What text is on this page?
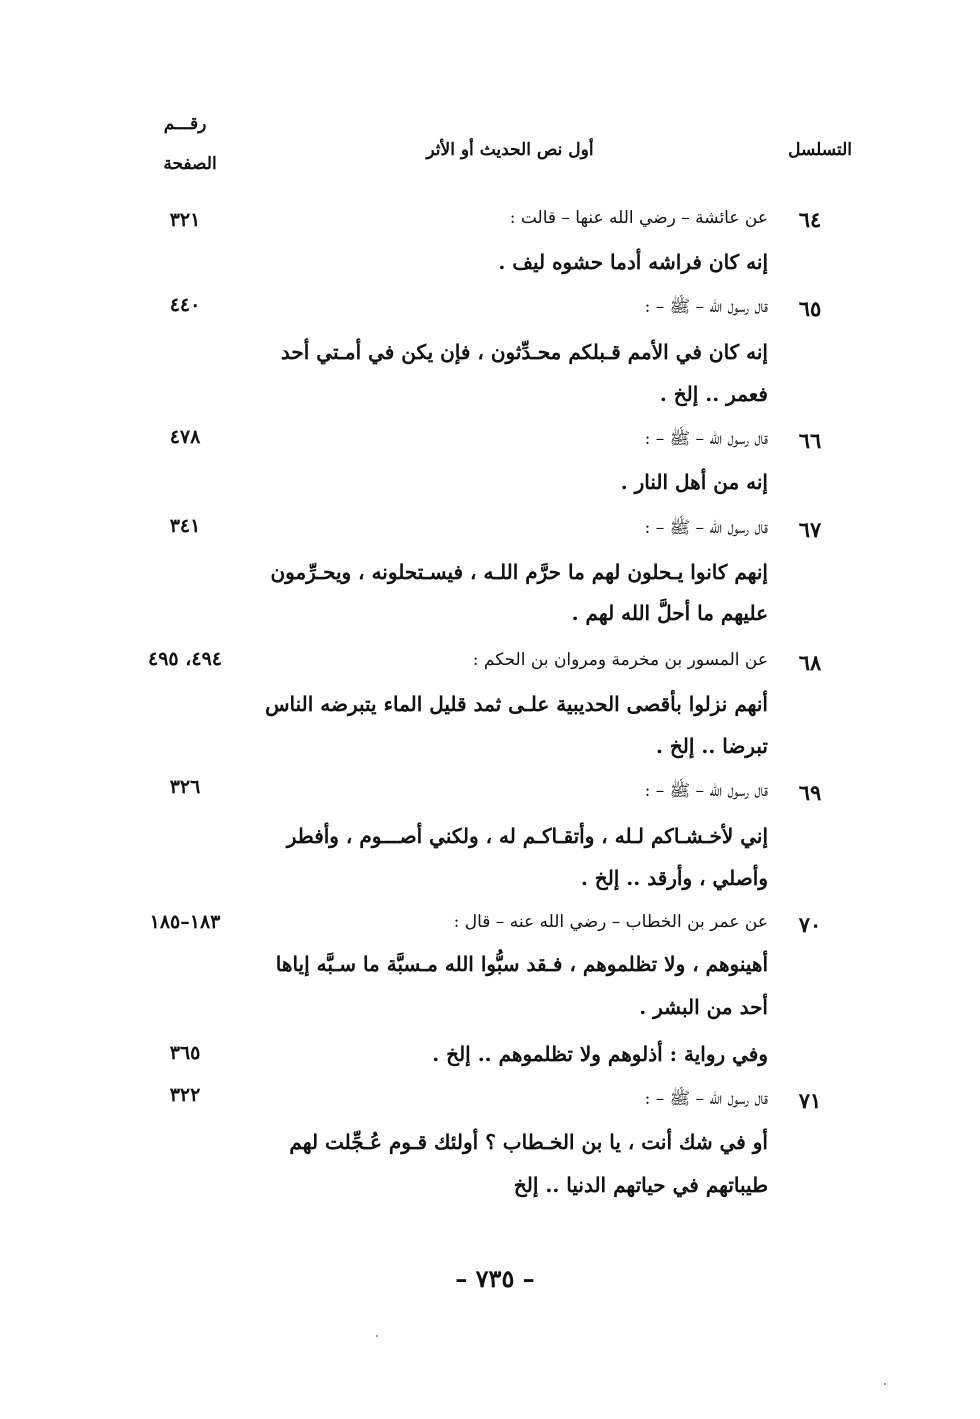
رقـــم
الصفحة
أول نص الحديث أو الأثر	التسلسل
٦٤
عن عائشة – رضي الله عنها – قالت :
٣٢١
إنه كان فراشه أدما حشوه ليف .
٦٥
قال رسول الله – ﷺ – :
٤٤٠
إنه كان في الأمم قـبلكم محـدِّثون ، فإن يكن في أمـتي أحد
فعمر .. إلخ .
٦٦
قال رسول الله – ﷺ – :
٤٧٨
إنه من أهل النار .
٦٧
قال رسول الله – ﷺ – :
٣٤١
إنهم كانوا يـحلون لهم ما حرَّم اللـه ، فيسـتحلونه ، ويحـرِّمون
عليهم ما أحلَّ الله لهم .
٦٨
عن المسور بن مخرمة ومروان بن الحكم :
٤٩٤، ٤٩٥
أنهم نزلوا بأقصى الحديبية علـى ثمد قليل الماء يتبرضه الناس
تبرضا .. إلخ .
٦٩
قال رسول الله – ﷺ – :
٣٢٦
إني لأخـشـاكم لـله ، وأتقـاكـم له ، ولكني أصـــوم ، وأفطر
وأصلي ، وأرقد .. إلخ .
٧٠
عن عمر بن الخطاب – رضي الله عنه – قال :
١٨٣–١٨٥
أهينوهم ، ولا تظلموهم ، فـقد سبُّوا الله مـسبَّة ما سـبَّه إياها
أحد من البشر .
وفي رواية : أذلوهم ولا تظلموهم .. إلخ .
٣٦٥
٧١
قال رسول الله – ﷺ – :
٣٢٢
أو في شك أنت ، يا بن الخـطاب ؟ أولئك قـوم عُـجِّلت لهم
طيباتهم في حياتهم الدنيا .. إلخ
– ٧٣٥ –
